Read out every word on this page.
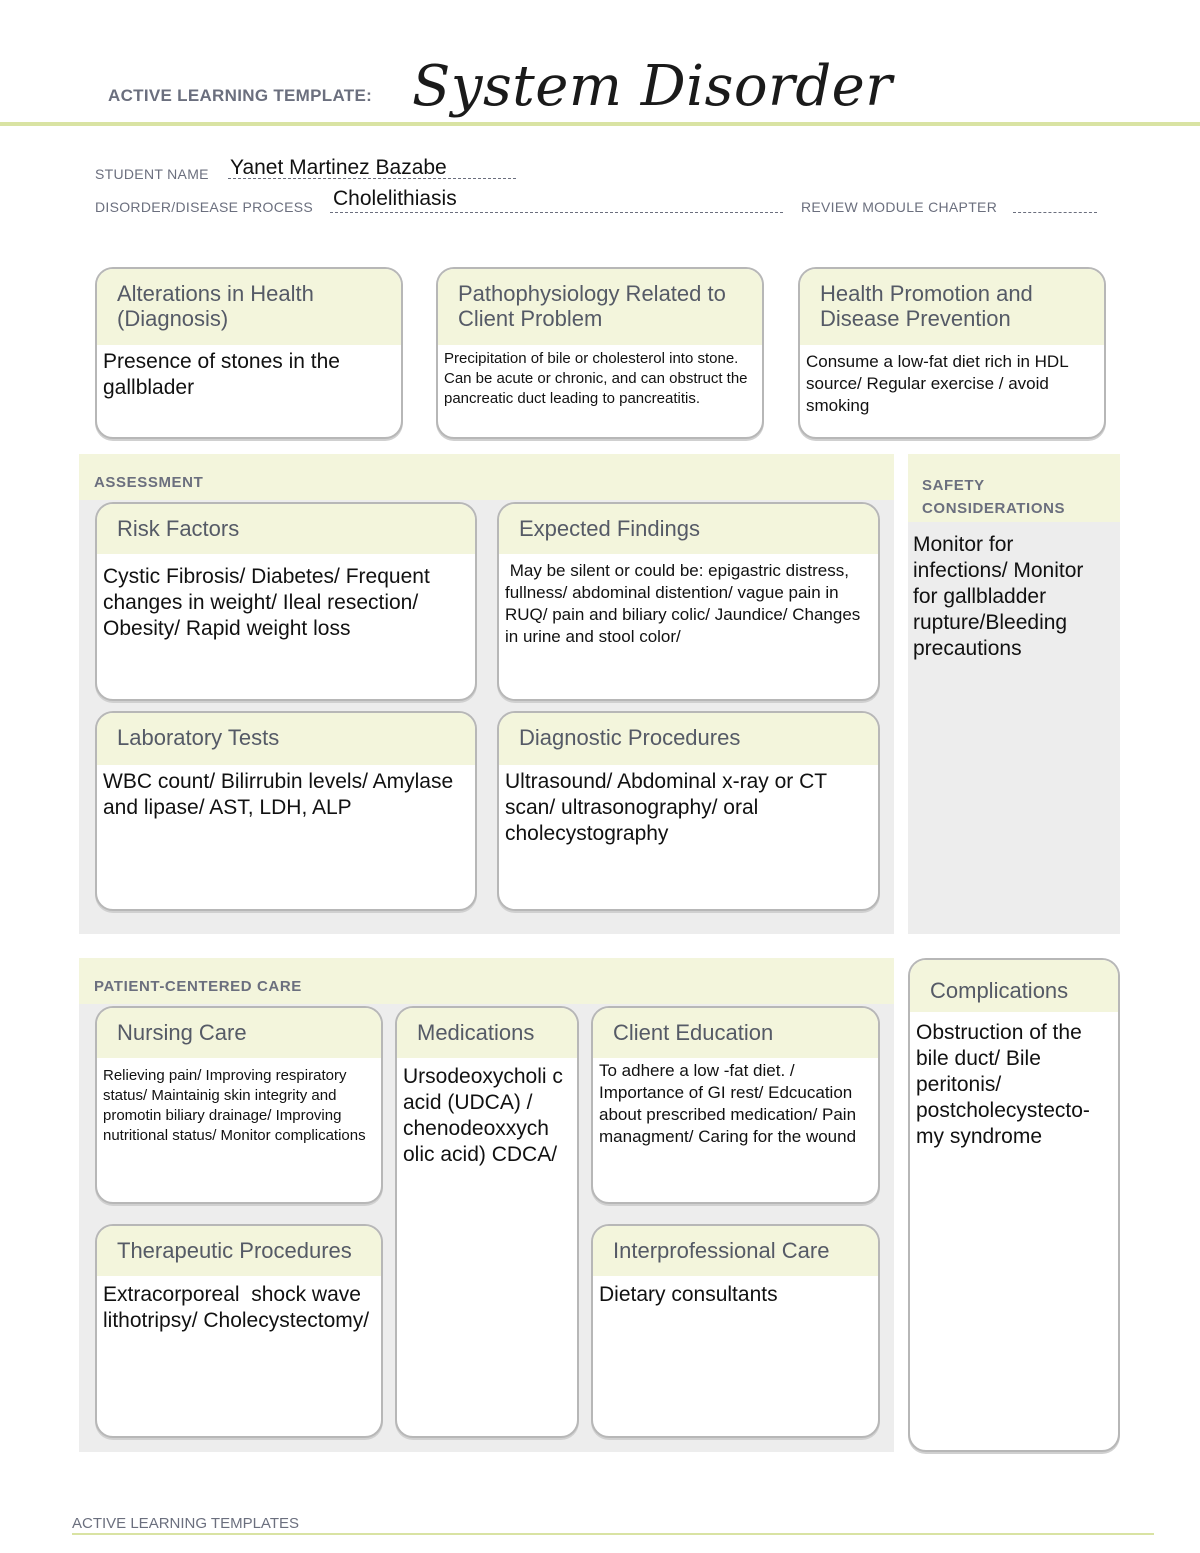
ACTIVE LEARNING TEMPLATE: System Disorder
STUDENT NAME Yanet Martinez Bazabe
DISORDER/DISEASE PROCESS Cholelithiasis	REVIEW MODULE CHAPTER
Alterations in Health (Diagnosis)
Presence of stones in the gallblader
Pathophysiology Related to Client Problem
Precipitation of bile or cholesterol into stone. Can be acute or chronic, and can obstruct the pancreatic duct leading to pancreatitis.
Health Promotion and Disease Prevention
Consume a low-fat diet rich in HDL source/ Regular exercise / avoid smoking
ASSESSMENT
Risk Factors
Cystic Fibrosis/ Diabetes/ Frequent changes in weight/ Ileal resection/ Obesity/ Rapid weight loss
Expected Findings
May be silent or could be: epigastric distress, fullness/ abdominal distention/ vague pain in RUQ/ pain and biliary colic/ Jaundice/ Changes in urine and stool color/
Laboratory Tests
WBC count/ Bilirrubin levels/ Amylase and lipase/ AST, LDH, ALP
Diagnostic Procedures
Ultrasound/ Abdominal x-ray or CT scan/ ultrasonography/ oral cholecystography
SAFETY CONSIDERATIONS
Monitor for infections/ Monitor for gallbladder rupture/Bleeding precautions
PATIENT-CENTERED CARE
Nursing Care
Relieving pain/ Improving respiratory status/ Maintainig skin integrity and promotin biliary drainage/ Improving nutritional status/ Monitor complications
Medications
Ursodeoxycholi c acid (UDCA) / chenodeoxxych olic acid) CDCA/
Client Education
To adhere a low -fat diet. / Importance of GI rest/ Edcucation about prescribed medication/ Pain managment/ Caring for the wound
Therapeutic Procedures
Extracorporeal  shock wave lithotripsy/ Cholecystectomy/
Interprofessional Care
Dietary consultants
Complications
Obstruction of the bile duct/ Bile peritonis/ postcholecystecto-my syndrome
ACTIVE LEARNING TEMPLATES
